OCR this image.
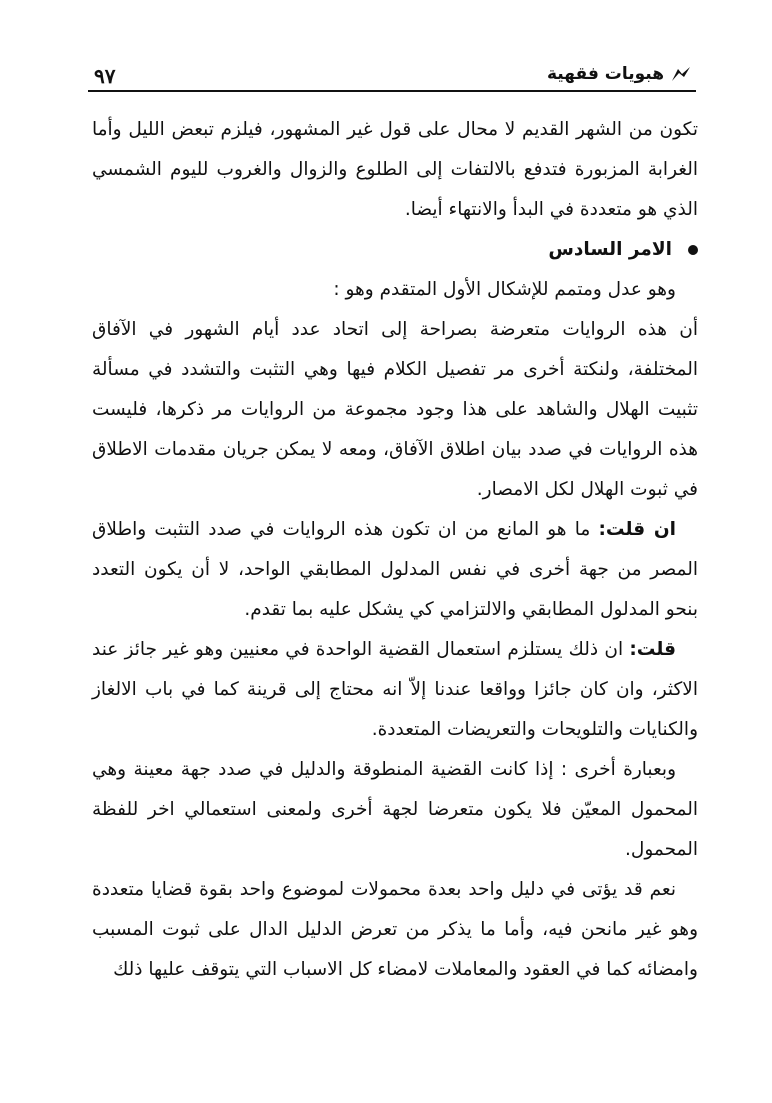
٩٧	هبويات فقهية

تكون من الشهر القديم لا محال على قول غير المشهور، فيلزم تبعض الليل وأما الغرابة المزبورة فتدفع بالالتفات إلى الطلوع والزوال والغروب لليوم الشمسي الذي هو متعددة في البدأ والانتهاء أيضا.

الامر السادس

وهو عدل ومتمم للإشكال الأول المتقدم وهو :

أن هذه الروايات متعرضة بصراحة إلى اتحاد عدد أيام الشهور في الآفاق المختلفة، ولنكتة أخرى مر تفصيل الكلام فيها وهي التثبت والتشدد في مسألة تثبيت الهلال والشاهد على هذا وجود مجموعة من الروايات مر ذكرها، فليست هذه الروايات في صدد بيان اطلاق الآفاق، ومعه لا يمكن جريان مقدمات الاطلاق في ثبوت الهلال لكل الامصار.

ان قلت: ما هو المانع من ان تكون هذه الروايات في صدد التثبت واطلاق المصر من جهة أخرى في نفس المدلول المطابقي الواحد، لا أن يكون التعدد بنحو المدلول المطابقي والالتزامي كي يشكل عليه بما تقدم.

قلت: ان ذلك يستلزم استعمال القضية الواحدة في معنيين وهو غير جائز عند الاكثر، وان كان جائزا وواقعا عندنا إلاّ انه محتاج إلى قرينة كما في باب الالغاز والكنايات والتلويحات والتعريضات المتعددة.

وبعبارة أخرى : إذا كانت القضية المنطوقة والدليل في صدد جهة معينة وهي المحمول المعيّن فلا يكون متعرضا لجهة أخرى ولمعنى استعمالي اخر للفظة المحمول.

نعم قد يؤتى في دليل واحد بعدة محمولات لموضوع واحد بقوة قضايا متعددة وهو غير مانحن فيه، وأما ما يذكر من تعرض الدليل الدال على ثبوت المسبب وامضائه كما في العقود والمعاملات لامضاء كل الاسباب التي يتوقف عليها ذلك
